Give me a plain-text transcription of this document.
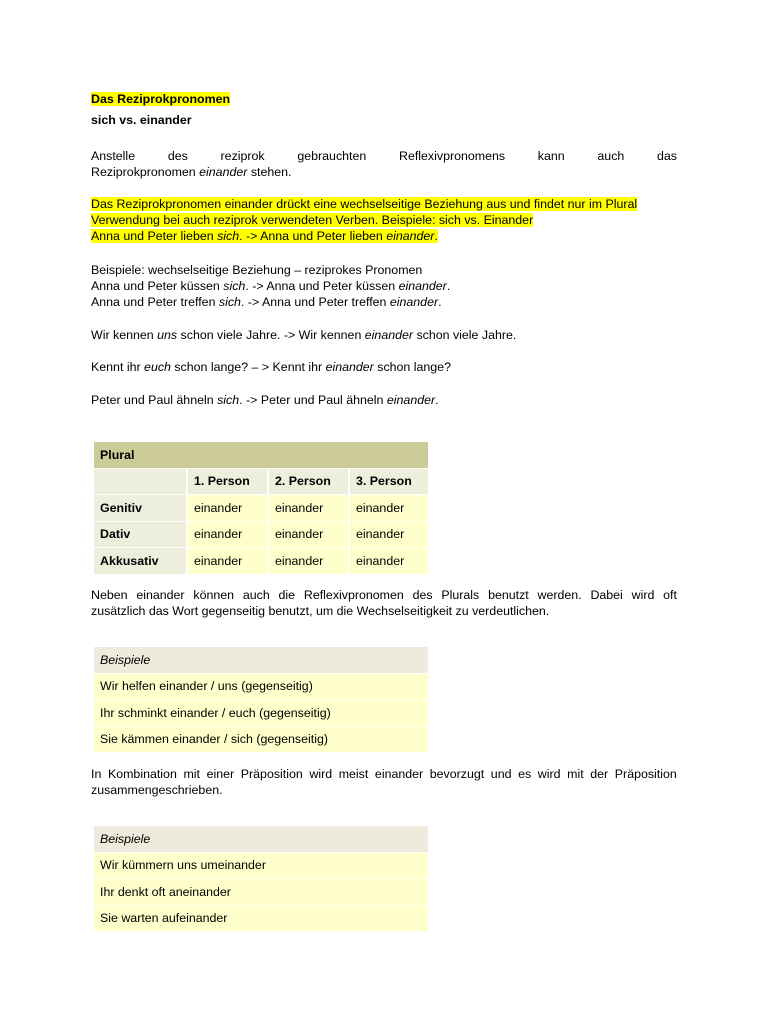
Das Reziprokpronomen
sich vs. einander
Anstelle	des	reziprok	gebrauchten	Reflexivpronomens	kann	auch	das
Reziprokpronomen einander stehen.
Das Reziprokpronomen einander drückt eine wechselseitige Beziehung aus und findet nur im Plural
Verwendung bei auch reziprok verwendeten Verben. Beispiele: sich vs. Einander
Anna und Peter lieben sich. -> Anna und Peter lieben einander.
Beispiele: wechselseitige Beziehung – reziprokes Pronomen
Anna und Peter küssen sich. -> Anna und Peter küssen einander.
Anna und Peter treffen sich. -> Anna und Peter treffen einander.
Wir kennen uns schon viele Jahre. -> Wir kennen einander schon viele Jahre.
Kennt ihr euch schon lange? – > Kennt ihr einander schon lange?
Peter und Paul ähneln sich. -> Peter und Paul ähneln einander.
Plural			
	1. Person	2. Person	3. Person
Genitiv	einander	einander	einander
Dativ	einander	einander	einander
Akkusativ	einander	einander	einander
Neben einander können auch die Reflexivpronomen des Plurals benutzt werden. Dabei wird oft
zusätzlich das Wort gegenseitig benutzt, um die Wechselseitigkeit zu verdeutlichen.
Beispiele
Wir helfen einander / uns (gegenseitig)
Ihr schminkt einander / euch (gegenseitig)
Sie kämmen einander / sich (gegenseitig)
In Kombination mit einer Präposition wird meist einander bevorzugt und es wird mit der Präposition
zusammengeschrieben.
Beispiele
Wir kümmern uns umeinander
Ihr denkt oft aneinander
Sie warten aufeinander
